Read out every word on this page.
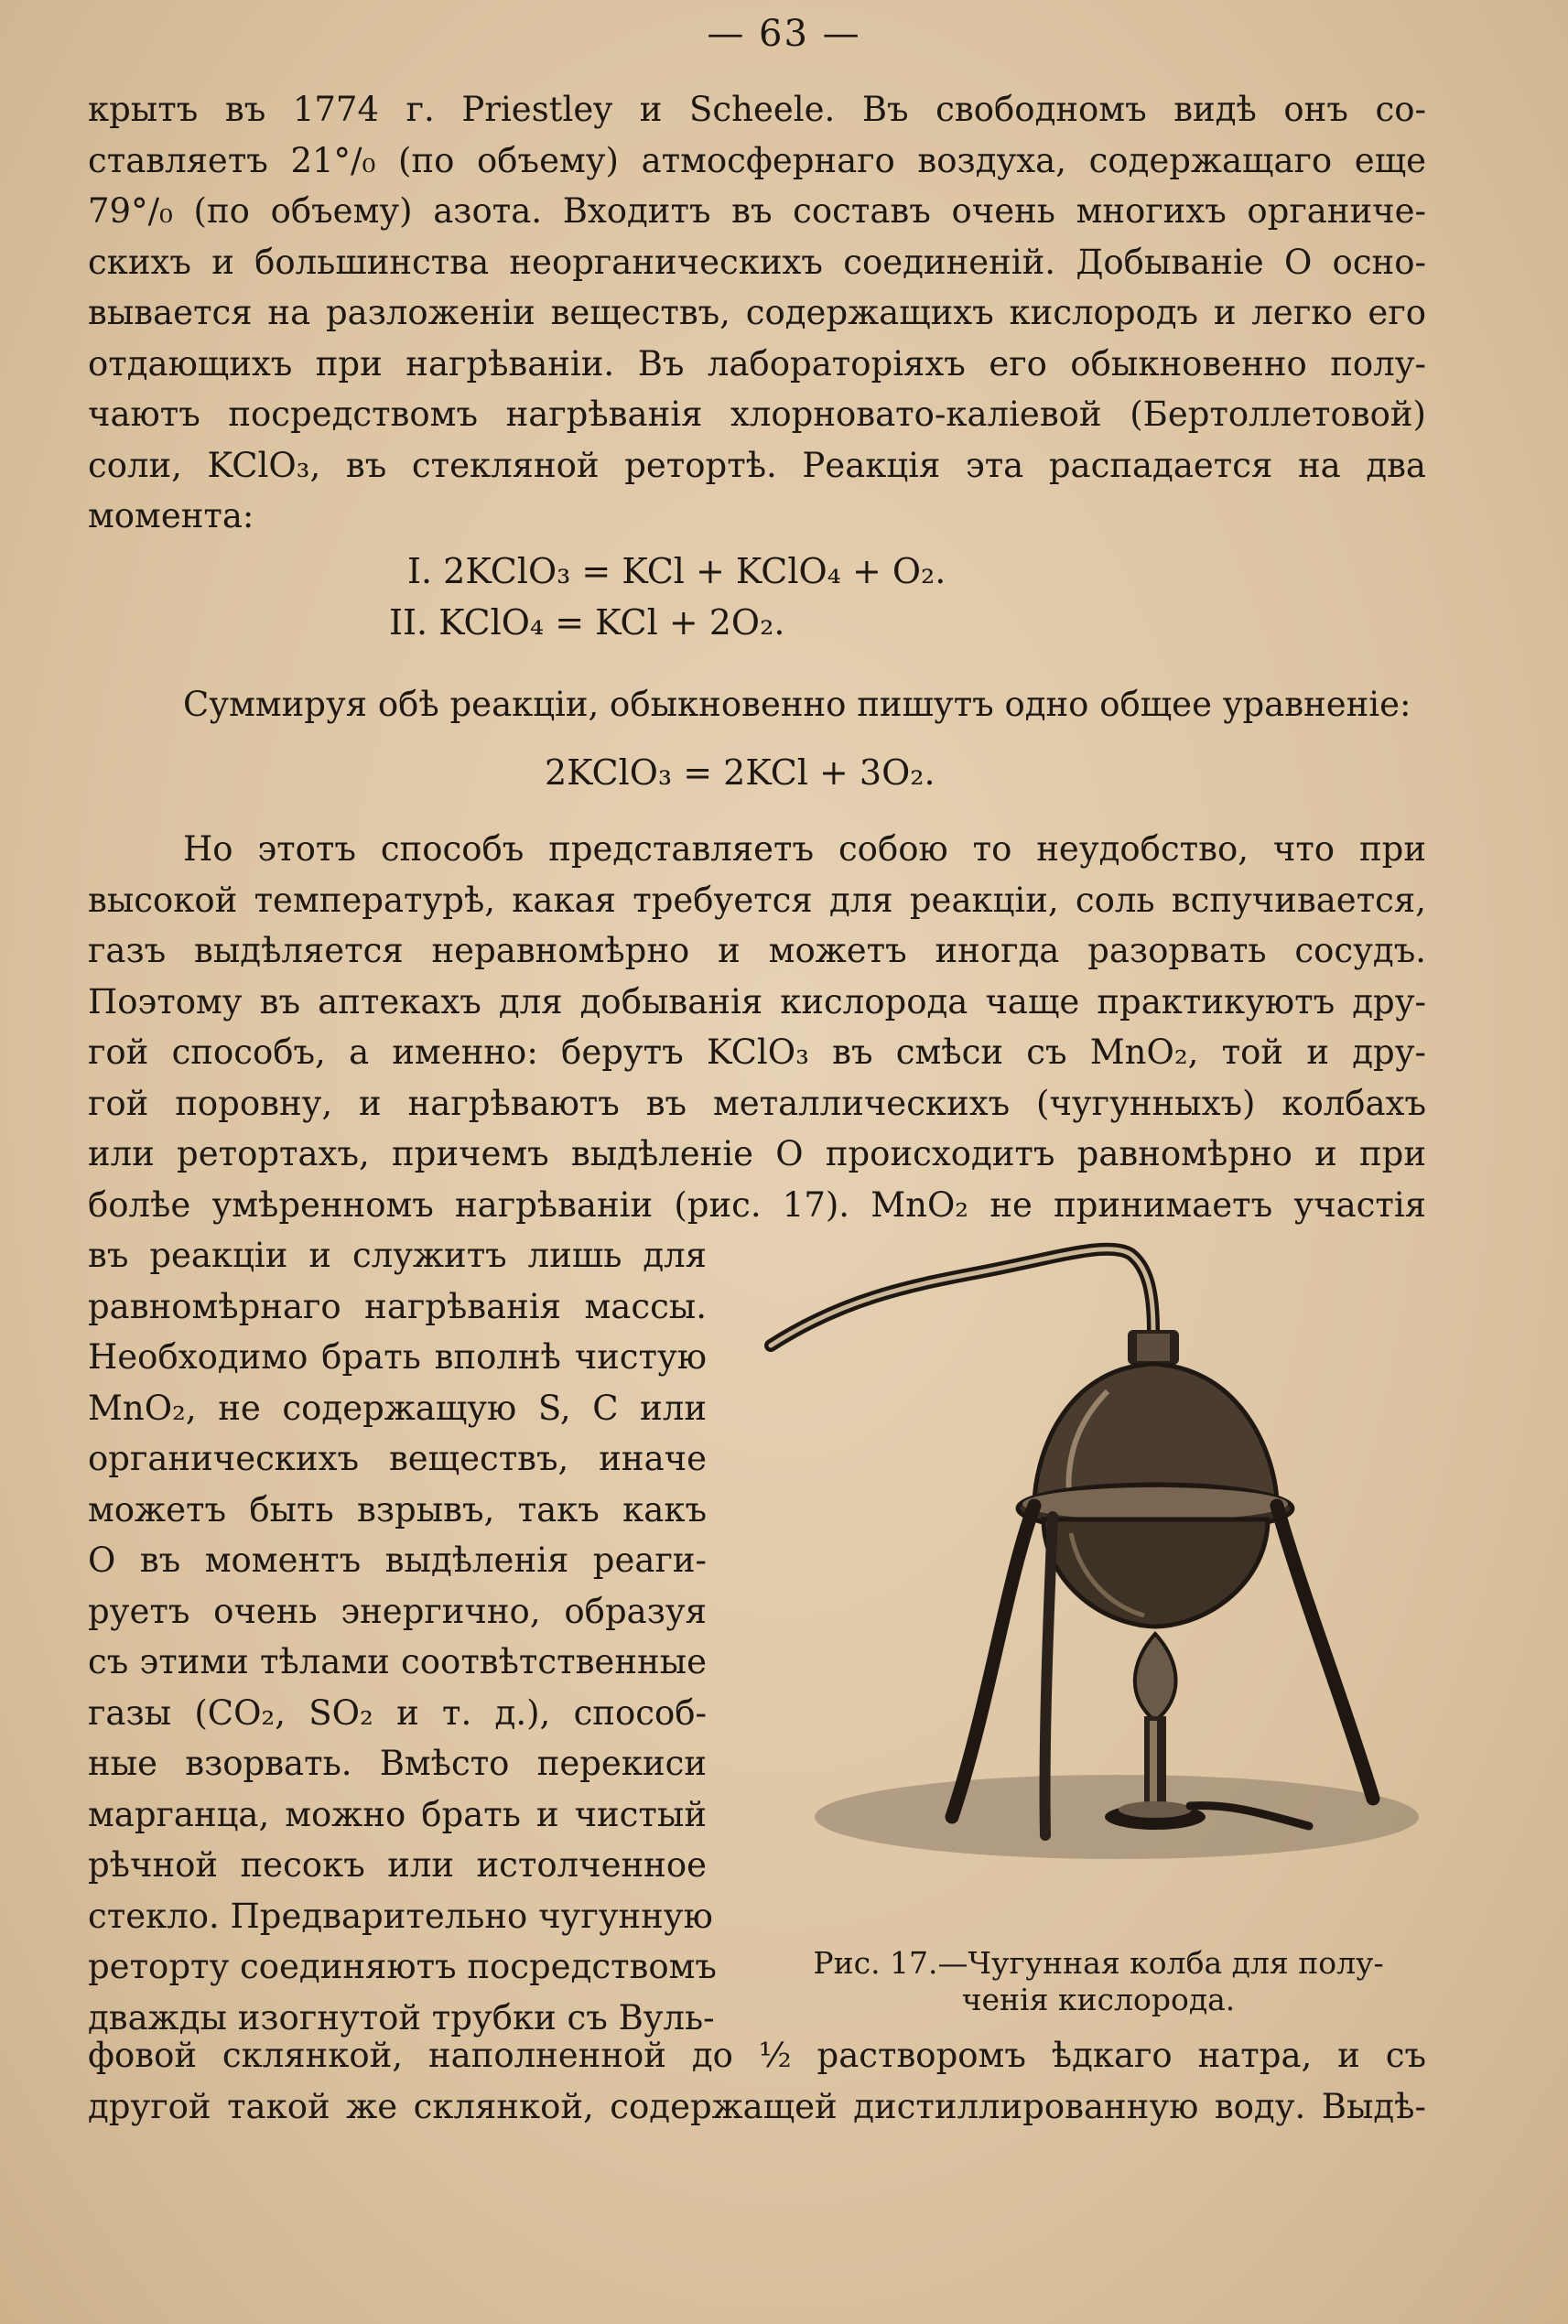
— 63 —
крытъ въ 1774 г. Priestley и Scheele. Въ свободномъ видѣ онъ со-
ставляетъ 21°/₀ (по объему) атмосфернаго воздуха, содержащаго еще
79°/₀ (по объему) азота. Входитъ въ составъ очень многихъ органиче-
скихъ и большинства неорганическихъ соединеній. Добываніе О осно-
вывается на разложеніи веществъ, содержащихъ кислородъ и легко его
отдающихъ при нагрѣваніи. Въ лабораторіяхъ его обыкновенно полу-
чаютъ посредствомъ нагрѣванія хлорновато-каліевой (Бертоллетовой)
соли, KClO₃, въ стекляной ретортѣ. Реакція эта распадается на два
момента:
I. 2KClO₃ = KCl + KClO₄ + O₂.
II. KClO₄ = KCl + 2O₂.
Суммируя обѣ реакціи, обыкновенно пишутъ одно общее уравненіе:
2KClO₃ = 2KCl + 3O₂.
Но этотъ способъ представляетъ собою то неудобство, что при
высокой температурѣ, какая требуется для реакціи, соль вспучивается,
газъ выдѣляется неравномѣрно и можетъ иногда разорвать сосудъ.
Поэтому въ аптекахъ для добыванія кислорода чаще практикуютъ дру-
гой способъ, а именно: берутъ KClO₃ въ смѣси съ MnO₂, той и дру-
гой поровну, и нагрѣваютъ въ металлическихъ (чугунныхъ) колбахъ
или ретортахъ, причемъ выдѣленіе О происходитъ равномѣрно и при
болѣе умѣренномъ нагрѣваніи (рис. 17). MnO₂ не принимаетъ участія
въ реакціи и служитъ лишь для
равномѣрнаго нагрѣванія массы.
Необходимо брать вполнѣ чистую
MnO₂, не содержащую S, C или
органическихъ веществъ, иначе
можетъ быть взрывъ, такъ какъ
О въ моментъ выдѣленія реаги-
руетъ очень энергично, образуя
съ этими тѣлами соотвѣтственные
газы (CO₂, SO₂ и т. д.), способ-
ные взорвать. Вмѣсто перекиси
марганца, можно брать и чистый
рѣчной песокъ или истолченное
стекло. Предварительно чугунную
реторту соединяютъ посредствомъ
дважды изогнутой трубки съ Вуль-
Рис. 17.—Чугунная колба для полу-
ченія кислорода.
фовой склянкой, наполненной до ½ растворомъ ѣдкаго натра, и съ
другой такой же склянкой, содержащей дистиллированную воду. Выдѣ-
